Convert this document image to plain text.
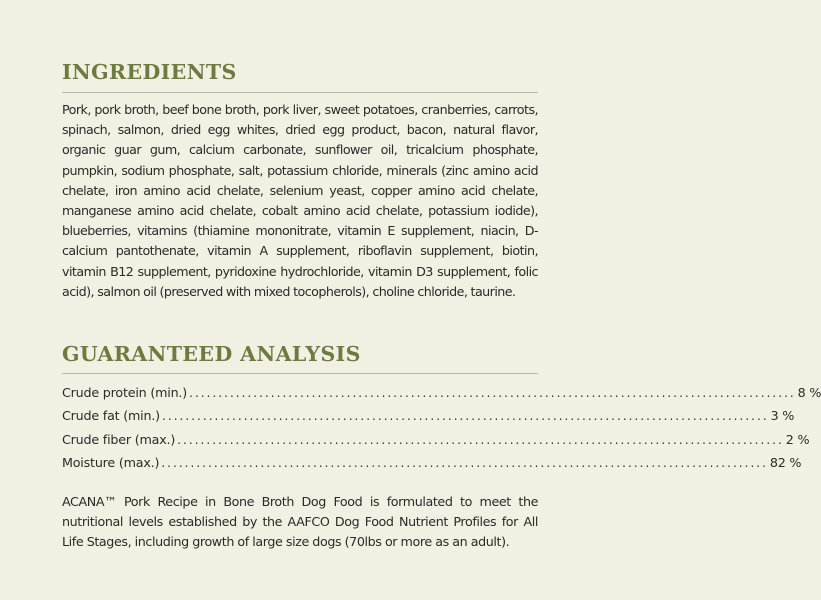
INGREDIENTS

Pork, pork broth, beef bone broth, pork liver, sweet potatoes, cranberries, carrots, spinach, salmon, dried egg whites, dried egg product, bacon, natural flavor, organic guar gum, calcium carbonate, sunflower oil, tricalcium phosphate, pumpkin, sodium phosphate, salt, potassium chloride, minerals (zinc amino acid chelate, iron amino acid chelate, selenium yeast, copper amino acid chelate, manganese amino acid chelate, cobalt amino acid chelate, potassium iodide), blueberries, vitamins (thiamine mononitrate, vitamin E supplement, niacin, D-calcium pantothenate, vitamin A supplement, riboflavin supplement, biotin, vitamin B12 supplement, pyridoxine hydrochloride, vitamin D3 supplement, folic acid), salmon oil (preserved with mixed tocopherols), choline chloride, taurine.

GUARANTEED ANALYSIS
Crude protein (min.) ........................................................................................................ 8 %
Crude fat (min.) ........................................................................................................ 3 %
Crude fiber (max.) ........................................................................................................ 2 %
Moisture (max.) ........................................................................................................ 82 %

ACANA™ Pork Recipe in Bone Broth Dog Food is formulated to meet the nutritional levels established by the AAFCO Dog Food Nutrient Profiles for All Life Stages, including growth of large size dogs (70lbs or more as an adult).
